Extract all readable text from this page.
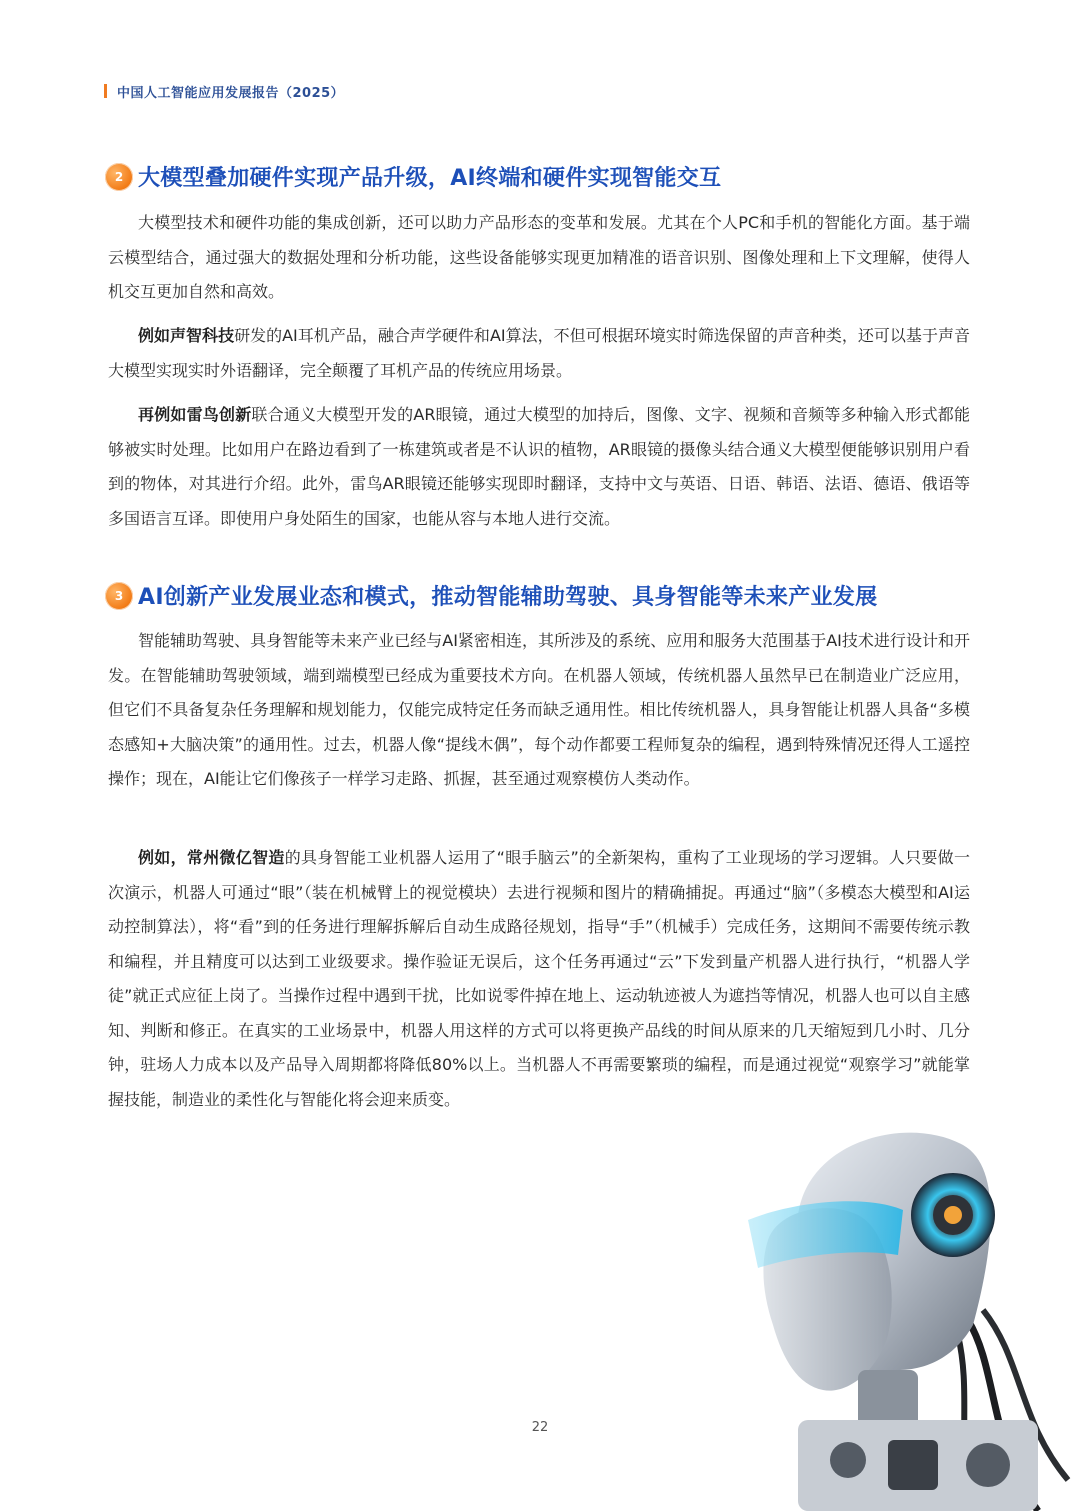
中国人工智能应用发展报告（2025）
2 大模型叠加硬件实现产品升级，AI终端和硬件实现智能交互

大模型技术和硬件功能的集成创新，还可以助力产品形态的变革和发展。尤其在个人PC和手机的智能化方面。基于端云模型结合，通过强大的数据处理和分析功能，这些设备能够实现更加精准的语音识别、图像处理和上下文理解，使得人机交互更加自然和高效。

例如声智科技研发的AI耳机产品，融合声学硬件和AI算法，不但可根据环境实时筛选保留的声音种类，还可以基于声音大模型实现实时外语翻译，完全颠覆了耳机产品的传统应用场景。

再例如雷鸟创新联合通义大模型开发的AR眼镜，通过大模型的加持后，图像、文字、视频和音频等多种输入形式都能够被实时处理。比如用户在路边看到了一栋建筑或者是不认识的植物，AR眼镜的摄像头结合通义大模型便能够识别用户看到的物体，对其进行介绍。此外，雷鸟AR眼镜还能够实现即时翻译，支持中文与英语、日语、韩语、法语、德语、俄语等多国语言互译。即使用户身处陌生的国家，也能从容与本地人进行交流。

3 AI创新产业发展业态和模式，推动智能辅助驾驶、具身智能等未来产业发展

智能辅助驾驶、具身智能等未来产业已经与AI紧密相连，其所涉及的系统、应用和服务大范围基于AI技术进行设计和开发。在智能辅助驾驶领域，端到端模型已经成为重要技术方向。在机器人领域，传统机器人虽然早已在制造业广泛应用，但它们不具备复杂任务理解和规划能力，仅能完成特定任务而缺乏通用性。相比传统机器人，具身智能让机器人具备“多模态感知+大脑决策”的通用性。过去，机器人像“提线木偶”，每个动作都要工程师复杂的编程，遇到特殊情况还得人工遥控操作；现在，AI能让它们像孩子一样学习走路、抓握，甚至通过观察模仿人类动作。

例如，常州微亿智造的具身智能工业机器人运用了“眼手脑云”的全新架构，重构了工业现场的学习逻辑。人只要做一次演示，机器人可通过“眼”（装在机械臂上的视觉模块）去进行视频和图片的精确捕捉。再通过“脑”（多模态大模型和AI运动控制算法），将“看”到的任务进行理解拆解后自动生成路径规划，指导“手”（机械手）完成任务，这期间不需要传统示教和编程，并且精度可以达到工业级要求。操作验证无误后，这个任务再通过“云”下发到量产机器人进行执行，“机器人学徒”就正式应征上岗了。当操作过程中遇到干扰，比如说零件掉在地上、运动轨迹被人为遮挡等情况，机器人也可以自主感知、判断和修正。在真实的工业场景中，机器人用这样的方式可以将更换产品线的时间从原来的几天缩短到几小时、几分钟，驻场人力成本以及产品导入周期都将降低80%以上。当机器人不再需要繁琐的编程，而是通过视觉“观察学习”就能掌握技能，制造业的柔性化与智能化将会迎来质变。

22
